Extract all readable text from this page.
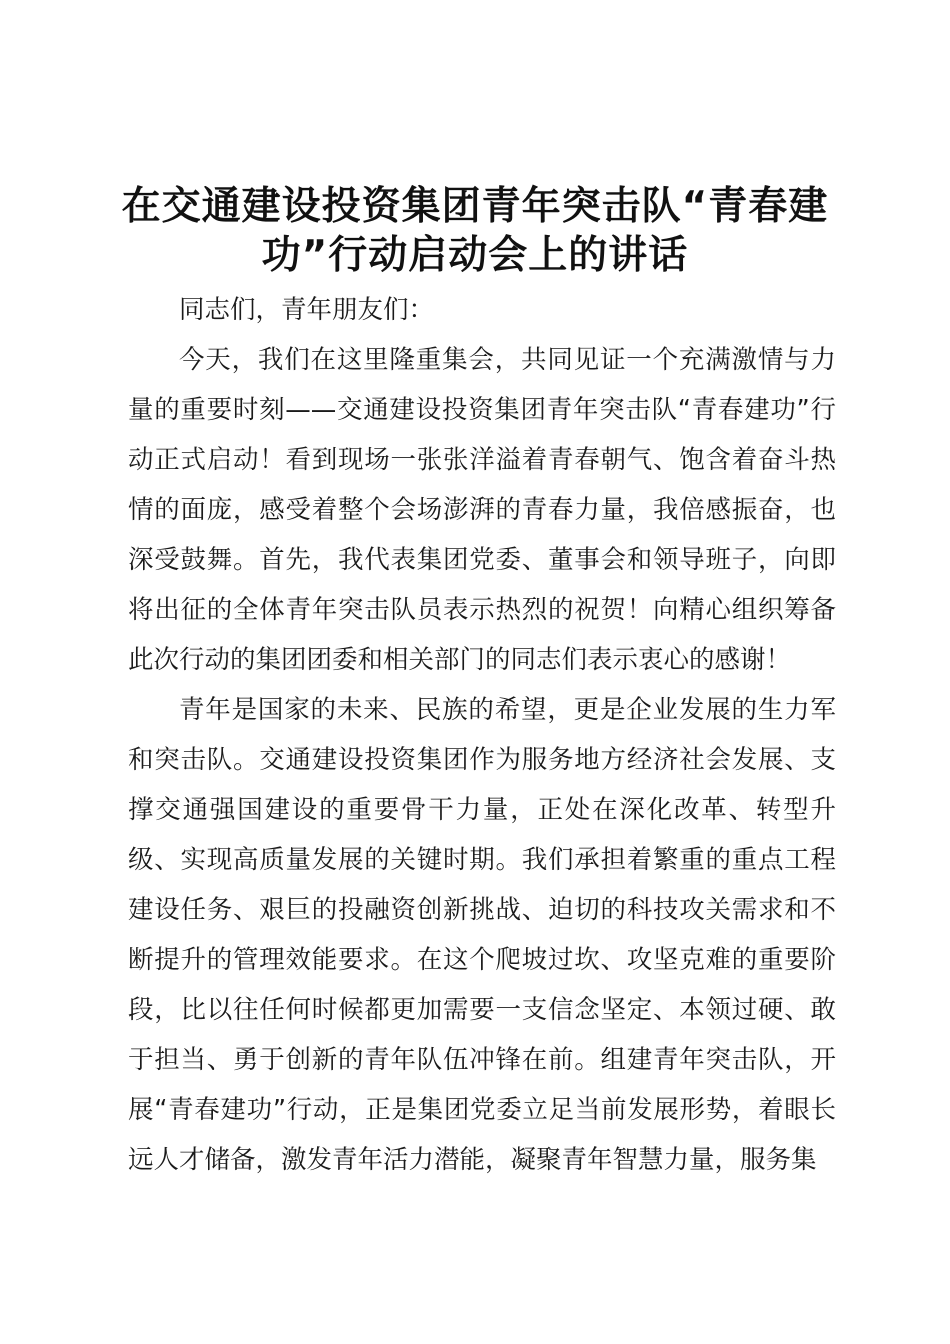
在交通建设投资集团青年突击队“青春建功”行动启动会上的讲话

同志们，青年朋友们：

今天，我们在这里隆重集会，共同见证一个充满激情与力量的重要时刻——交通建设投资集团青年突击队“青春建功”行动正式启动！看到现场一张张洋溢着青春朝气、饱含着奋斗热情的面庞，感受着整个会场澎湃的青春力量，我倍感振奋，也深受鼓舞。首先，我代表集团党委、董事会和领导班子，向即将出征的全体青年突击队员表示热烈的祝贺！向精心组织筹备此次行动的集团团委和相关部门的同志们表示衷心的感谢！

青年是国家的未来、民族的希望，更是企业发展的生力军和突击队。交通建设投资集团作为服务地方经济社会发展、支撑交通强国建设的重要骨干力量，正处在深化改革、转型升级、实现高质量发展的关键时期。我们承担着繁重的重点工程建设任务、艰巨的投融资创新挑战、迫切的科技攻关需求和不断提升的管理效能要求。在这个爬坡过坎、攻坚克难的重要阶段，比以往任何时候都更加需要一支信念坚定、本领过硬、敢于担当、勇于创新的青年队伍冲锋在前。组建青年突击队，开展“青春建功”行动，正是集团党委立足当前发展形势，着眼长远人才储备，激发青年活力潜能，凝聚青年智慧力量，服务集
